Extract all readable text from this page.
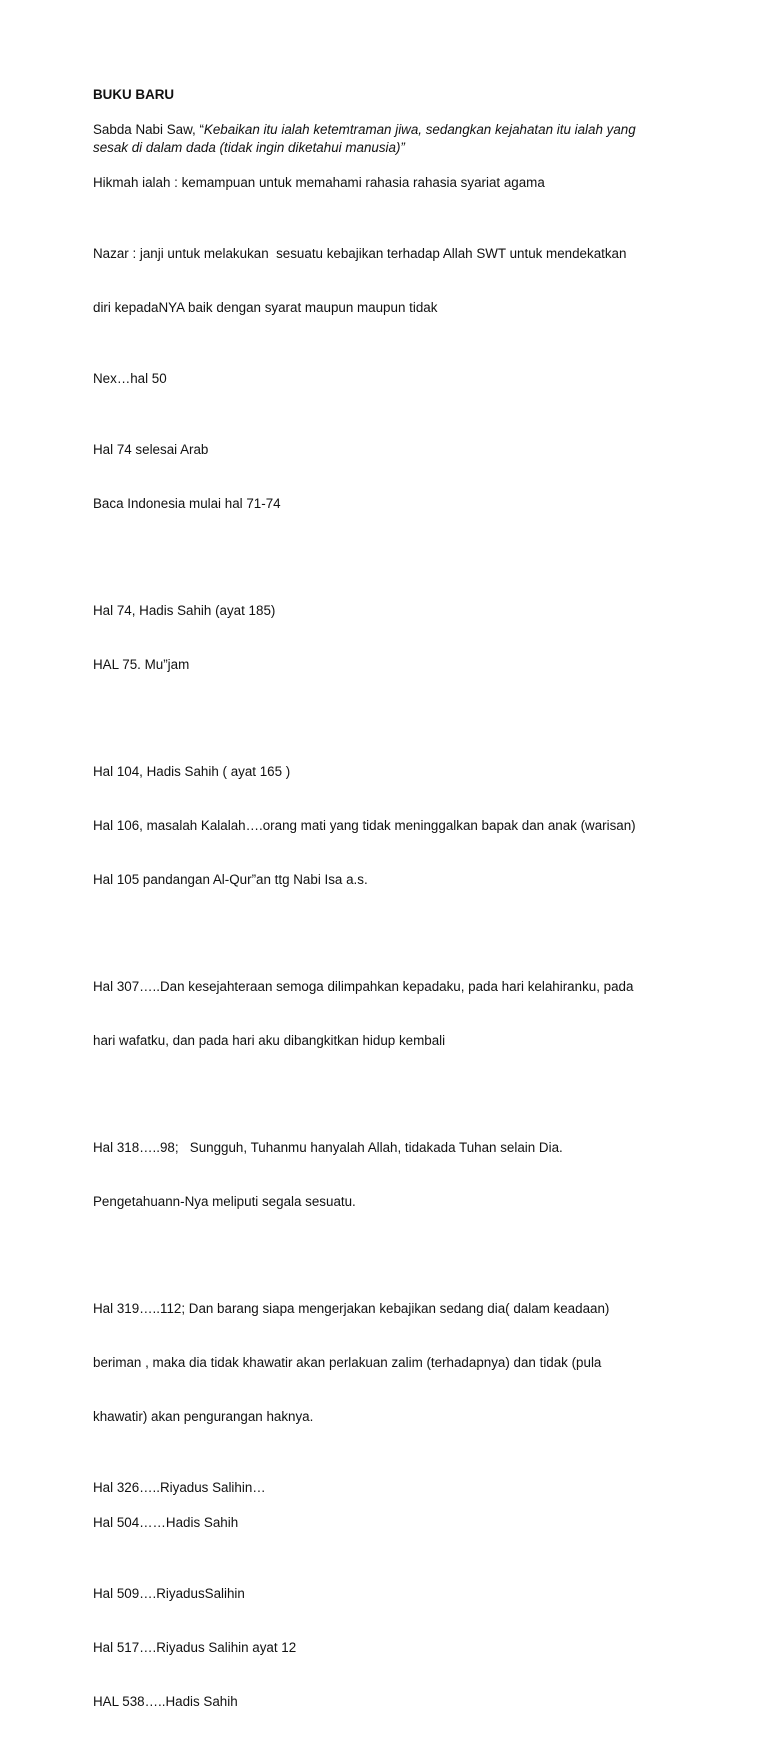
BUKU BARU

Sabda Nabi Saw, “Kebaikan itu ialah ketemtraman jiwa, sedangkan kejahatan itu ialah yang
sesak di dalam dada (tidak ingin diketahui manusia)”

Hikmah ialah : kemampuan untuk memahami rahasia rahasia syariat agama

Nazar : janji untuk melakukan  sesuatu kebajikan terhadap Allah SWT untuk mendekatkan

diri kepadaNYA baik dengan syarat maupun maupun tidak

Nex…hal 50

Hal 74 selesai Arab

Baca Indonesia mulai hal 71-74

Hal 74, Hadis Sahih (ayat 185)

HAL 75. Mu”jam

Hal 104, Hadis Sahih ( ayat 165 )

Hal 106, masalah Kalalah….orang mati yang tidak meninggalkan bapak dan anak (warisan)

Hal 105 pandangan Al-Qur”an ttg Nabi Isa a.s.

Hal 307…..Dan kesejahteraan semoga dilimpahkan kepadaku, pada hari kelahiranku, pada

hari wafatku, dan pada hari aku dibangkitkan hidup kembali

Hal 318…..98;   Sungguh, Tuhanmu hanyalah Allah, tidakada Tuhan selain Dia.

Pengetahuann-Nya meliputi segala sesuatu.

Hal 319…..112; Dan barang siapa mengerjakan kebajikan sedang dia( dalam keadaan)

beriman , maka dia tidak khawatir akan perlakuan zalim (terhadapnya) dan tidak (pula

khawatir) akan pengurangan haknya.

Hal 326…..Riyadus Salihin…

Hal 504……Hadis Sahih

Hal 509….RiyadusSalihin

Hal 517….Riyadus Salihin ayat 12

HAL 538…..Hadis Sahih
